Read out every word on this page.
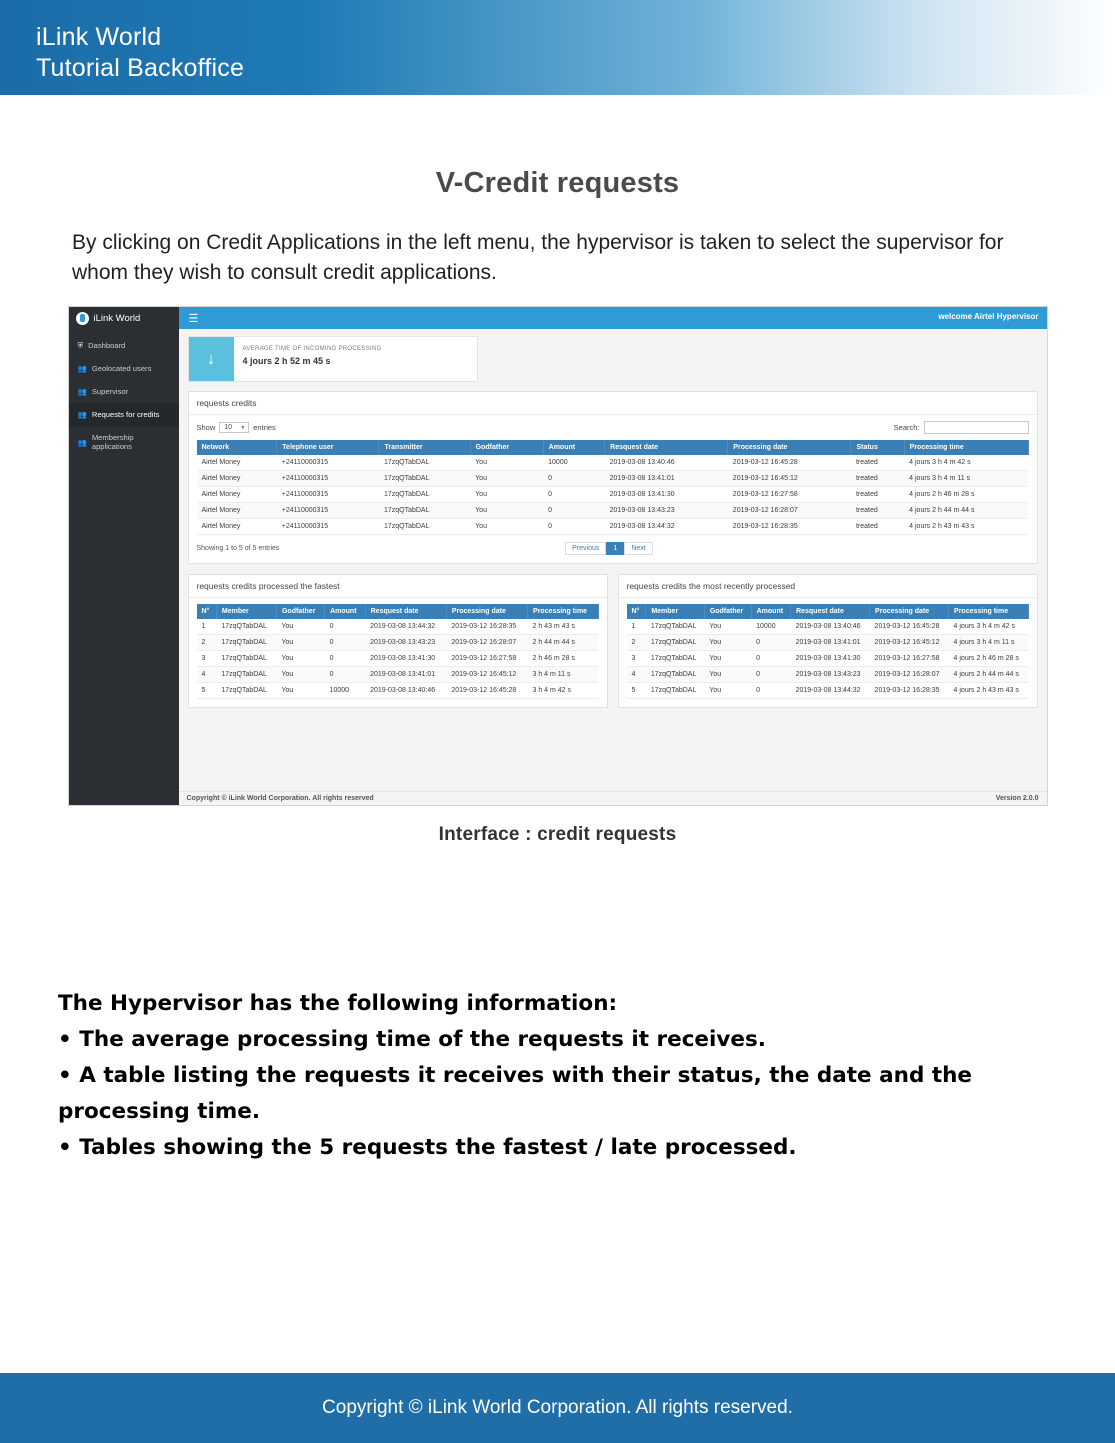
iLink World
Tutorial Backoffice
V-Credit requests
By clicking on Credit Applications in the left menu, the hypervisor is taken to select the supervisor for whom they wish to consult credit applications.
iLink World	☰	welcome Airtel Hypervisor
⛨ Dashboard
👥 Geolocated users
👥 Supervisor
👥 Requests for credits
👥 Membership applications
↓	AVERAGE TIME OF INCOMING PROCESSING
4 jours 2 h 52 m 45 s
requests credits
Show	10 ▼ entries	Search:
Network	Telephone user	Transmitter	Godfather	Amount	Resquest date	Processing date	Status	Processing time
Airtel Money	+24110000315	17zqQTabDAL	You	10000	2019-03-08 13:40:46	2019-03-12 16:45:28	treated	4 jours 3 h 4 m 42 s
Airtel Money	+24110000315	17zqQTabDAL	You	0	2019-03-08 13:41:01	2019-03-12 16:45:12	treated	4 jours 3 h 4 m 11 s
Airtel Money	+24110000315	17zqQTabDAL	You	0	2019-03-08 13:41:30	2019-03-12 16:27:58	treated	4 jours 2 h 46 m 28 s
Airtel Money	+24110000315	17zqQTabDAL	You	0	2019-03-08 13:43:23	2019-03-12 16:28:07	treated	4 jours 2 h 44 m 44 s
Airtel Money	+24110000315	17zqQTabDAL	You	0	2019-03-08 13:44:32	2019-03-12 16:28:35	treated	4 jours 2 h 43 m 43 s
Showing 1 to 5 of 5 entries	Previous	1	Next
requests credits processed the fastest
N°	Member	Godfather	Amount	Resquest date	Processing date	Processing time
1	17zqQTabDAL	You	0	2019-03-08 13:44:32	2019-03-12 16:28:35	2 h 43 m 43 s
2	17zqQTabDAL	You	0	2019-03-08 13:43:23	2019-03-12 16:28:07	2 h 44 m 44 s
3	17zqQTabDAL	You	0	2019-03-08 13:41:30	2019-03-12 16:27:58	2 h 46 m 28 s
4	17zqQTabDAL	You	0	2019-03-08 13:41:01	2019-03-12 16:45:12	3 h 4 m 11 s
5	17zqQTabDAL	You	10000	2019-03-08 13:40:46	2019-03-12 16:45:28	3 h 4 m 42 s
requests credits the most recently processed
N°	Member	Godfather	Amount	Resquest date	Processing date	Processing time
1	17zqQTabDAL	You	10000	2019-03-08 13:40:46	2019-03-12 16:45:28	4 jours 3 h 4 m 42 s
2	17zqQTabDAL	You	0	2019-03-08 13:41:01	2019-03-12 16:45:12	4 jours 3 h 4 m 11 s
3	17zqQTabDAL	You	0	2019-03-08 13:41:30	2019-03-12 16:27:58	4 jours 2 h 46 m 28 s
4	17zqQTabDAL	You	0	2019-03-08 13:43:23	2019-03-12 16:28:07	4 jours 2 h 44 m 44 s
5	17zqQTabDAL	You	0	2019-03-08 13:44:32	2019-03-12 16:28:35	4 jours 2 h 43 m 43 s
Copyright © iLink World Corporation. All rights reserved	Version 2.0.0
Interface : credit requests
The Hypervisor has the following information:
• The average processing time of the requests it receives.
• A table listing the requests it receives with their status, the date and the processing time.
• Tables showing the 5 requests the fastest / late processed.
Copyright © iLink World Corporation. All rights reserved.
